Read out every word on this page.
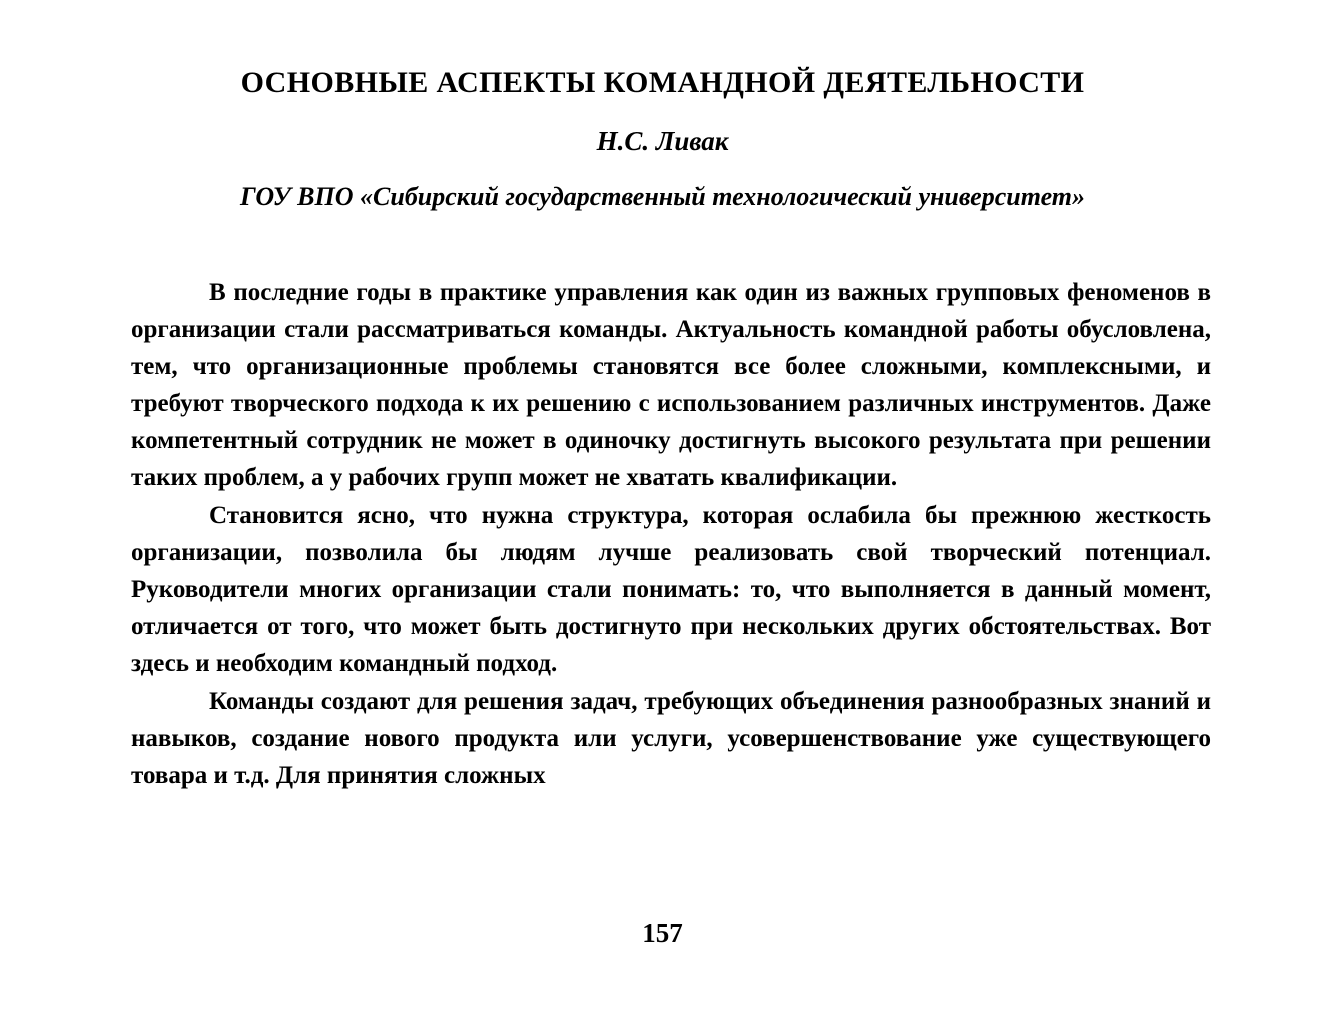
ОСНОВНЫЕ АСПЕКТЫ КОМАНДНОЙ ДЕЯТЕЛЬНОСТИ
Н.С. Ливак
ГОУ ВПО «Сибирский государственный технологический университет»

В последние годы в практике управления как один из важных групповых феноменов в организации стали рассматриваться команды. Актуальность командной работы обусловлена, тем, что организационные проблемы становятся все более сложными, комплексными, и требуют творческого подхода к их решению с использованием различных инструментов. Даже компетентный сотрудник не может в одиночку достигнуть высокого результата при решении таких проблем, а у рабочих групп может не хватать квалификации.

Становится ясно, что нужна структура, которая ослабила бы прежнюю жесткость организации, позволила бы людям лучше реализовать свой творческий потенциал. Руководители многих организации стали понимать: то, что выполняется в данный момент, отличается от того, что может быть достигнуто при нескольких других обстоятельствах. Вот здесь и необходим командный подход.

Команды создают для решения задач, требующих объединения разнообразных знаний и навыков, создание нового продукта или услуги, усовершенствование уже существующего товара и т.д. Для принятия сложных

157
